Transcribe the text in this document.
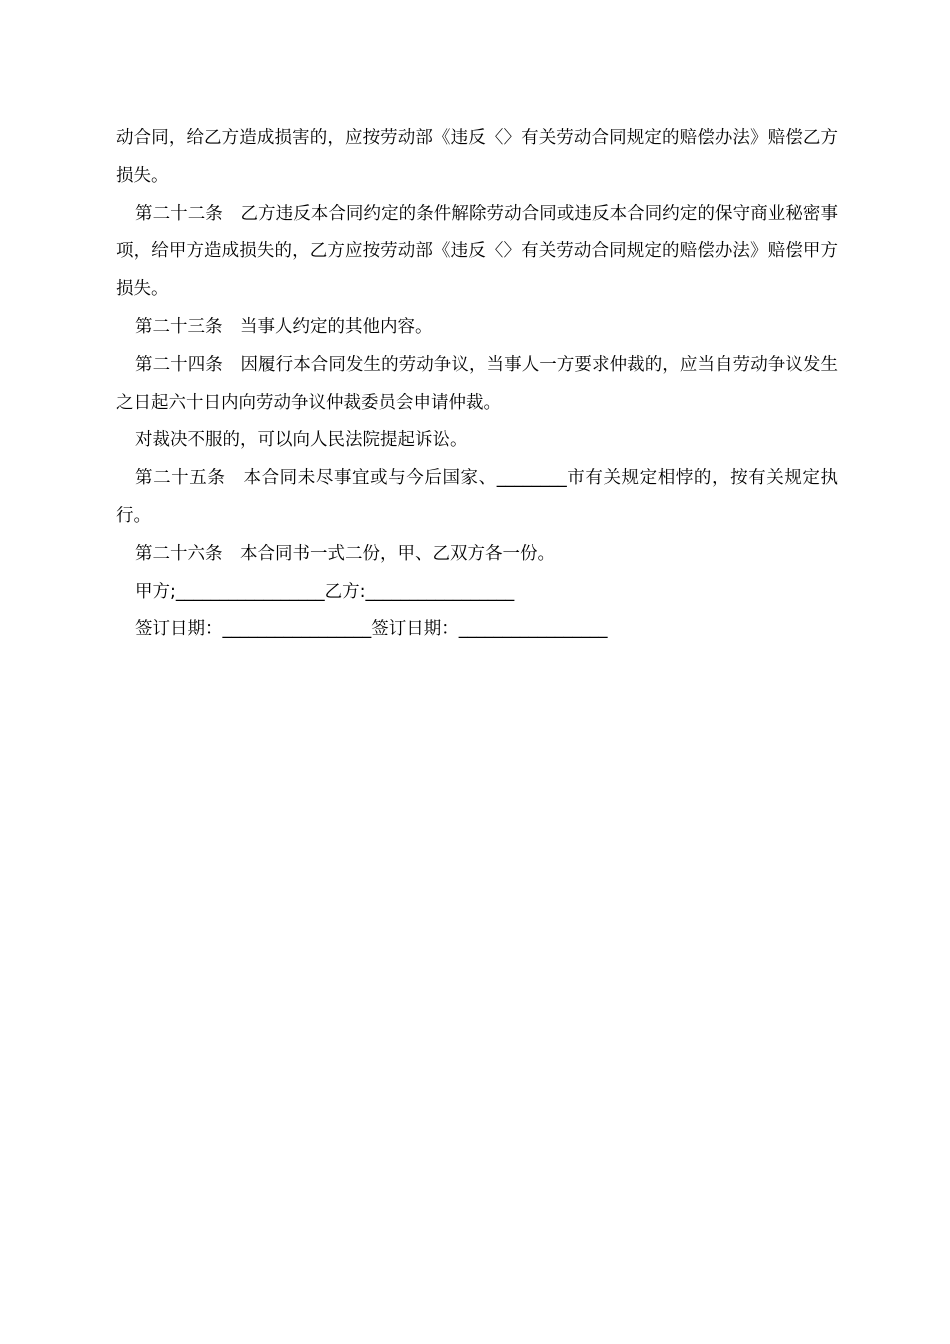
动合同，给乙方造成损害的，应按劳动部《违反〈〉有关劳动合同规定的赔偿办法》赔偿乙方损失。

第二十二条　乙方违反本合同约定的条件解除劳动合同或违反本合同约定的保守商业秘密事项，给甲方造成损失的，乙方应按劳动部《违反〈〉有关劳动合同规定的赔偿办法》赔偿甲方损失。

第二十三条　当事人约定的其他内容。

第二十四条　因履行本合同发生的劳动争议，当事人一方要求仲裁的，应当自劳动争议发生之日起六十日内向劳动争议仲裁委员会申请仲裁。

对裁决不服的，可以向人民法院提起诉讼。

第二十五条　本合同未尽事宜或与今后国家、________市有关规定相悖的，按有关规定执行。

第二十六条　本合同书一式二份，甲、乙双方各一份。

甲方;_________________乙方:_________________

签订日期：_________________签订日期：_________________
